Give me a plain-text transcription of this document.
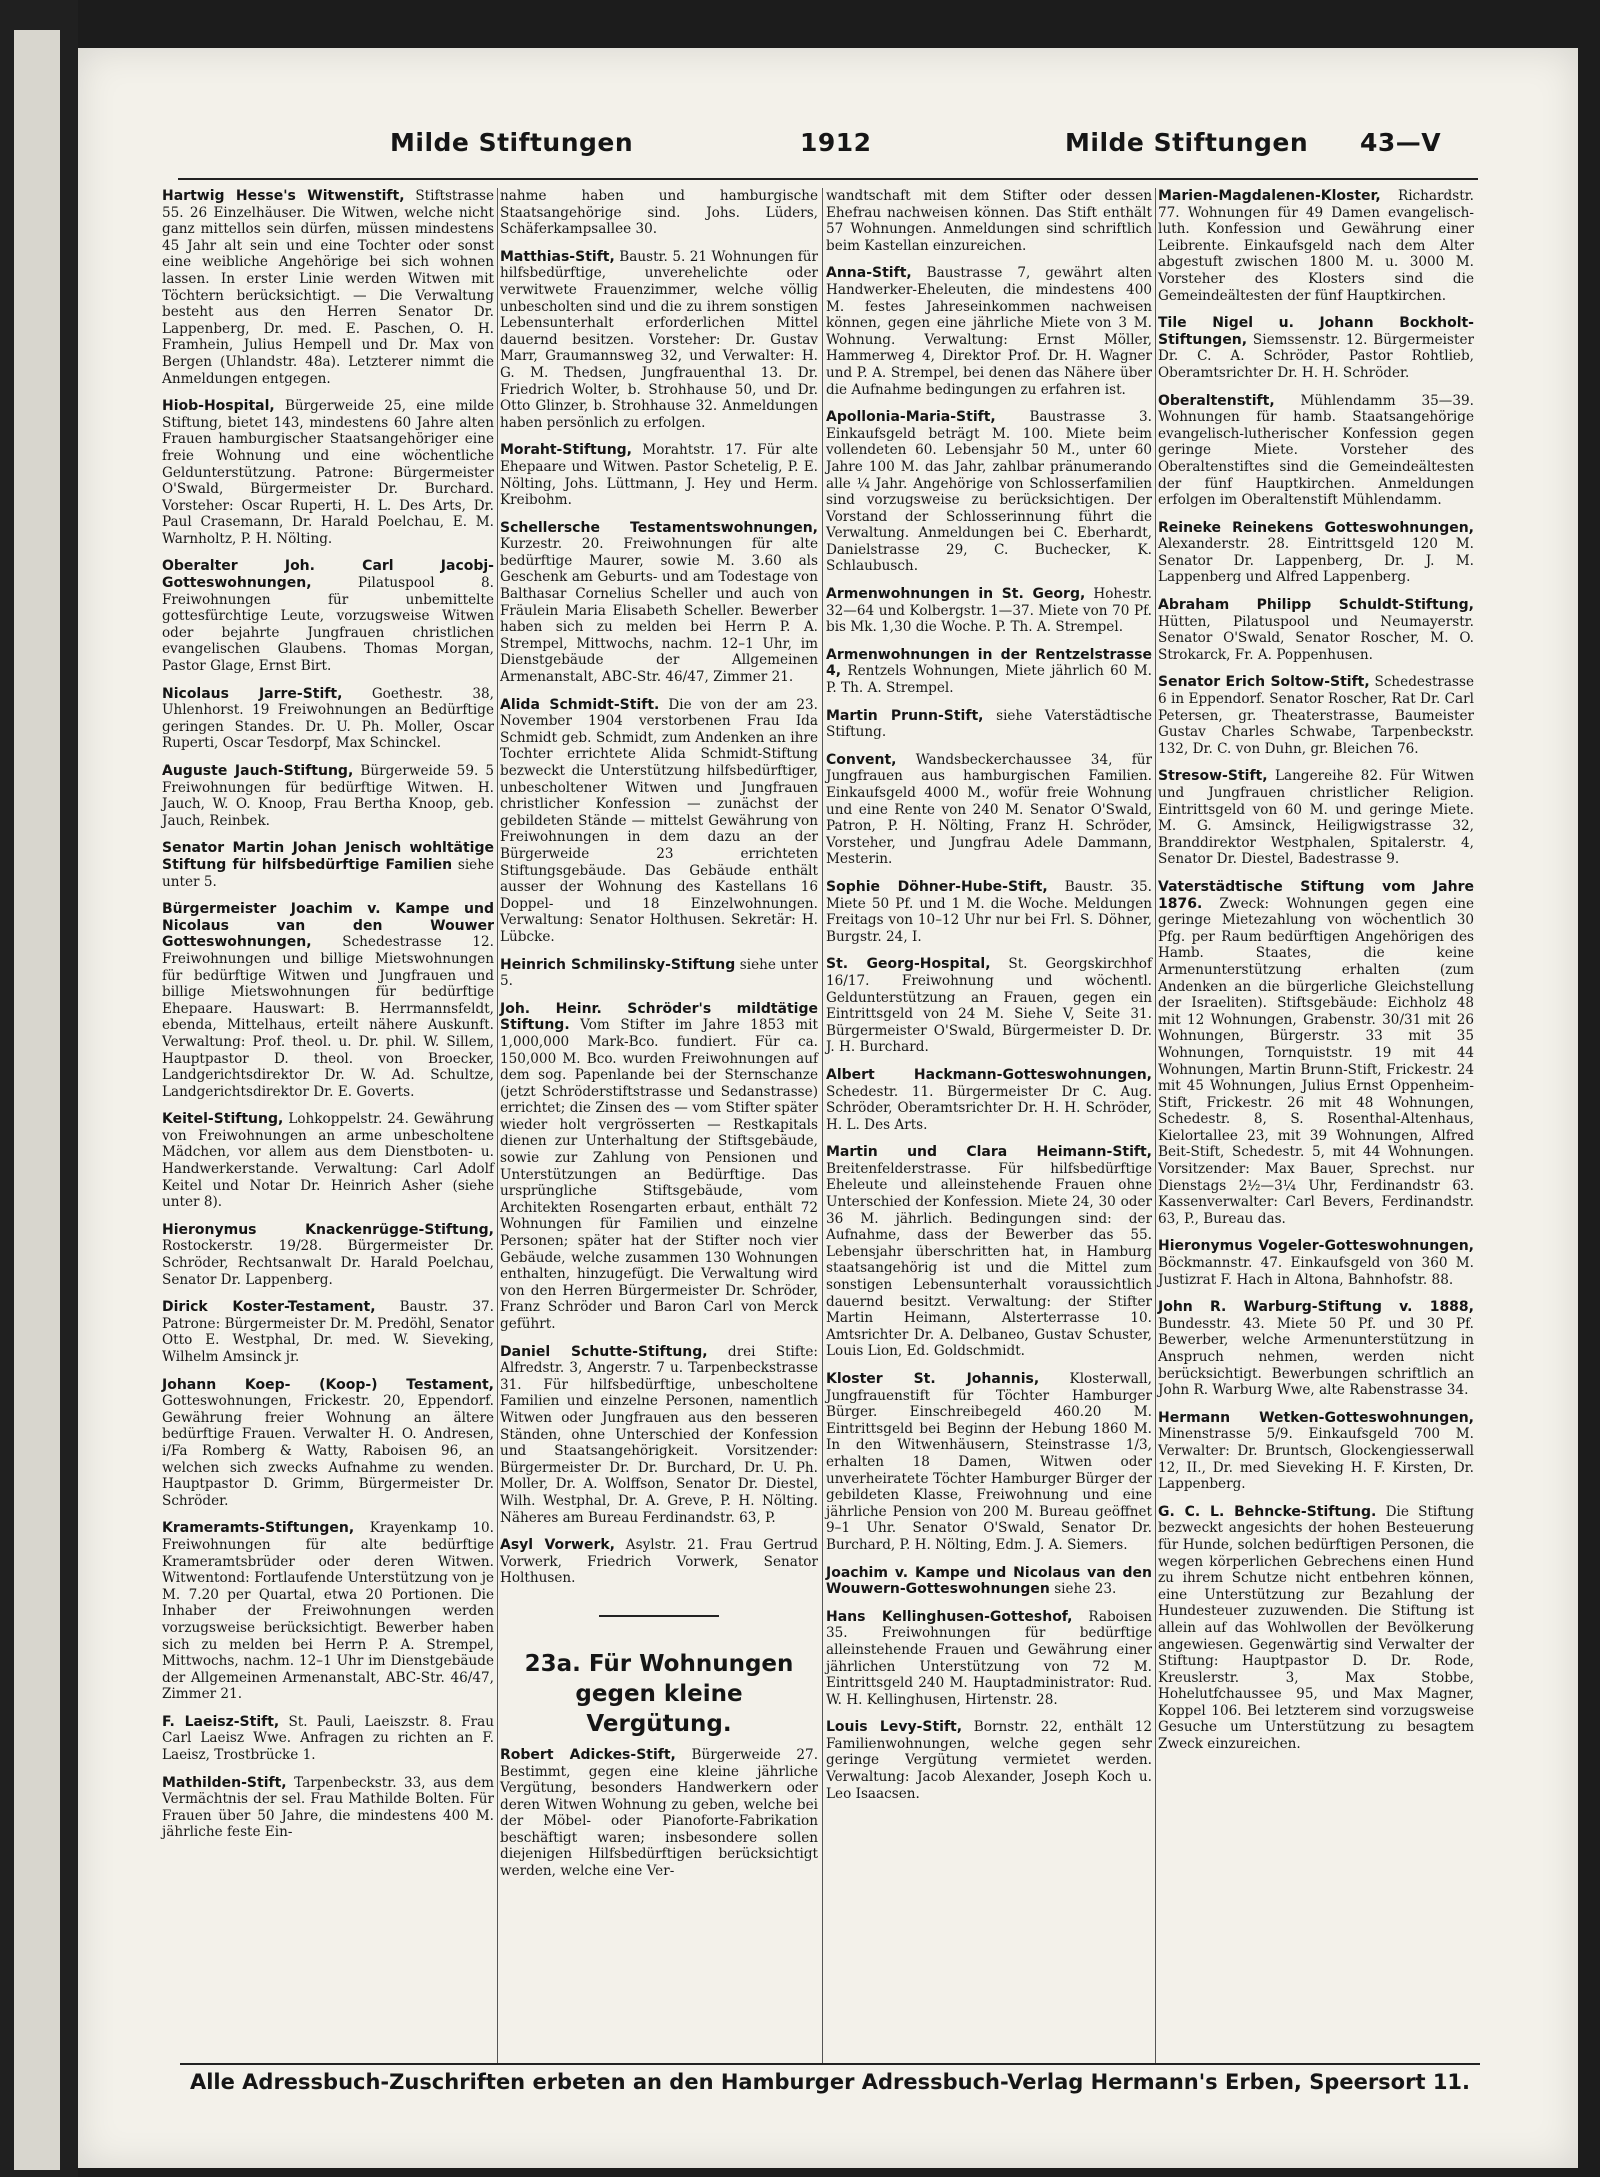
Milde Stiftungen	1912	Milde Stiftungen 43—V
Hartwig Hesse's Witwenstift, Stiftstrasse 55. 26 Einzelhäuser. Die Witwen, welche nicht ganz mittellos sein dürfen, müssen mindestens 45 Jahr alt sein und eine Tochter oder sonst eine weibliche Angehörige bei sich wohnen lassen. In erster Linie werden Witwen mit Töchtern berücksichtigt. — Die Verwaltung besteht aus den Herren Senator Dr. Lappenberg, Dr. med. E. Paschen, O. H. Framhein, Julius Hempell und Dr. Max von Bergen (Uhlandstr. 48a). Letzterer nimmt die Anmeldungen entgegen.
Hiob-Hospital, Bürgerweide 25, eine milde Stiftung, bietet 143, mindestens 60 Jahre alten Frauen hamburgischer Staatsangehöriger eine freie Wohnung und eine wöchentliche Geldunterstützung. Patrone: Bürgermeister O'Swald, Bürgermeister Dr. Burchard. Vorsteher: Oscar Ruperti, H. L. Des Arts, Dr. Paul Crasemann, Dr. Harald Poelchau, E. M. Warnholtz, P. H. Nölting.
Oberalter Joh. Carl Jacobj-Gotteswohnungen,	Pilatuspool 8. Freiwohnungen für unbemittelte gottesfürchtige Leute, vorzugsweise Witwen oder bejahrte Jungfrauen christlichen evangelischen Glaubens. Thomas Morgan, Pastor Glage, Ernst Birt.
Nicolaus Jarre-Stift, Goethestr. 38, Uhlenhorst. 19 Freiwohnungen an Bedürftige geringen Standes. Dr. U. Ph. Moller, Oscar Ruperti, Oscar Tesdorpf, Max Schinckel.
Auguste Jauch-Stiftung, Bürgerweide 59. 5 Freiwohnungen für bedürftige Witwen. H. Jauch, W. O. Knoop, Frau Bertha Knoop, geb. Jauch, Reinbek.
Senator Martin Johan Jenisch wohltätige Stiftung für hilfsbedürftige Familien siehe unter 5.
Bürgermeister Joachim v. Kampe und Nicolaus van den Wouwer Gotteswohnungen, Schedestrasse 12. Freiwohnungen und billige Mietswohnungen für bedürftige Witwen und Jungfrauen und billige Mietswohnungen für bedürftige Ehepaare. Hauswart: B. Herrmannsfeldt, ebenda, Mittelhaus, erteilt nähere Auskunft. Verwaltung: Prof. theol. u. Dr. phil. W. Sillem, Hauptpastor D. theol. von Broecker, Landgerichtsdirektor Dr. W. Ad. Schultze, Landgerichtsdirektor Dr. E. Goverts.
Keitel-Stiftung, Lohkoppelstr. 24. Gewährung von Freiwohnungen an arme unbescholtene Mädchen, vor allem aus dem Dienstboten- u. Handwerkerstande. Verwaltung: Carl Adolf Keitel und Notar Dr. Heinrich Asher (siehe unter 8).
Hieronymus Knackenrügge-Stiftung, Rostockerstr. 19/28. Bürgermeister Dr. Schröder, Rechtsanwalt Dr. Harald Poelchau, Senator Dr. Lappenberg.
Dirick Koster-Testament, Baustr. 37. Patrone: Bürgermeister Dr. M. Predöhl, Senator Otto E. Westphal, Dr. med. W. Sieveking, Wilhelm Amsinck jr.
Johann Koep- (Koop-) Testament, Gotteswohnungen, Frickestr. 20, Eppendorf. Gewährung freier Wohnung an ältere bedürftige Frauen. Verwalter H. O. Andresen, i/Fa Romberg & Watty, Raboisen 96, an welchen sich zwecks Aufnahme zu wenden. Hauptpastor D. Grimm, Bürgermeister Dr. Schröder.
Krameramts-Stiftungen, Krayenkamp 10. Freiwohnungen für alte bedürftige Krameramtsbrüder oder deren Witwen. Witwentond: Fortlaufende Unterstützung von je M. 7.20 per Quartal, etwa 20 Portionen. Die Inhaber der Freiwohnungen werden vorzugsweise berücksichtigt. Bewerber haben sich zu melden bei Herrn P. A. Strempel, Mittwochs, nachm. 12–1 Uhr im Dienstgebäude der Allgemeinen Armenanstalt, ABC-Str. 46/47, Zimmer 21.
F. Laeisz-Stift, St. Pauli, Laeiszstr. 8. Frau Carl Laeisz Wwe. Anfragen zu richten an F. Laeisz, Trostbrücke 1.
Mathilden-Stift, Tarpenbeckstr. 33, aus dem Vermächtnis der sel. Frau Mathilde Bolten. Für Frauen über 50 Jahre, die mindestens 400 M. jährliche feste Ein-
nahme haben und hamburgische Staatsangehörige sind. Johs. Lüders, Schäferkampsallee 30.
Matthias-Stift, Baustr. 5. 21 Wohnungen für hilfsbedürftige, unverehelichte oder verwitwete Frauenzimmer, welche völlig unbescholten sind und die zu ihrem sonstigen Lebensunterhalt erforderlichen Mittel dauernd besitzen. Vorsteher: Dr. Gustav Marr, Graumannsweg 32, und Verwalter: H. G. M. Thedsen, Jungfrauenthal 13. Dr. Friedrich Wolter, b. Strohhause 50, und Dr. Otto Glinzer, b. Strohhause 32. Anmeldungen haben persönlich zu erfolgen.
Moraht-Stiftung, Morahtstr. 17. Für alte Ehepaare und Witwen. Pastor Schetelig, P. E. Nölting, Johs. Lüttmann, J. Hey und Herm. Kreibohm.
Schellersche Testamentswohnungen, Kurzestr. 20. Freiwohnungen für alte bedürftige Maurer, sowie M. 3.60 als Geschenk am Geburts- und am Todestage von Balthasar Cornelius Scheller und auch von Fräulein Maria Elisabeth Scheller. Bewerber haben sich zu melden bei Herrn P. A. Strempel, Mittwochs, nachm. 12–1 Uhr, im Dienstgebäude der Allgemeinen Armenanstalt, ABC-Str. 46/47, Zimmer 21.
Alida Schmidt-Stift. Die von der am 23. November 1904 verstorbenen Frau Ida Schmidt geb. Schmidt, zum Andenken an ihre Tochter errichtete Alida Schmidt-Stiftung bezweckt die Unterstützung hilfsbedürftiger, unbescholtener Witwen und Jungfrauen christlicher Konfession — zunächst der gebildeten Stände — mittelst Gewährung von Freiwohnungen in dem dazu an der Bürgerweide 23 errichteten Stiftungsgebäude. Das Gebäude enthält ausser der Wohnung des Kastellans 16 Doppel- und 18 Einzelwohnungen. Verwaltung: Senator Holthusen. Sekretär: H. Lübcke.
Heinrich Schmilinsky-Stiftung siehe unter 5.
Joh. Heinr. Schröder's mildtätige Stiftung. Vom Stifter im Jahre 1853 mit 1,000,000 Mark-Bco. fundiert. Für ca. 150,000 M. Bco. wurden Freiwohnungen auf dem sog. Papenlande bei der Sternschanze (jetzt Schröderstiftstrasse und Sedanstrasse) errichtet; die Zinsen des — vom Stifter später wieder holt vergrösserten — Restkapitals dienen zur Unterhaltung der Stiftsgebäude, sowie zur Zahlung von Pensionen und Unterstützungen an Bedürftige. Das ursprüngliche Stiftsgebäude, vom Architekten Rosengarten erbaut, enthält 72 Wohnungen für Familien und einzelne Personen; später hat der Stifter noch vier Gebäude, welche zusammen 130 Wohnungen enthalten, hinzugefügt. Die Verwaltung wird von den Herren Bürgermeister Dr. Schröder, Franz Schröder und Baron Carl von Merck geführt.
Daniel Schutte-Stiftung, drei Stifte: Alfredstr. 3, Angerstr. 7 u. Tarpenbeckstrasse 31. Für hilfsbedürftige, unbescholtene Familien und einzelne Personen, namentlich Witwen oder Jungfrauen aus den besseren Ständen, ohne Unterschied der Konfession und Staatsangehörigkeit. Vorsitzender: Bürgermeister Dr. Dr. Burchard, Dr. U. Ph. Moller, Dr. A. Wolffson, Senator Dr. Diestel, Wilh. Westphal, Dr. A. Greve, P. H. Nölting. Näheres am Bureau Ferdinandstr. 63, P.
Asyl Vorwerk, Asylstr. 21. Frau Gertrud Vorwerk, Friedrich Vorwerk, Senator Holthusen.
23a. Für Wohnungen gegen kleine Vergütung.
Robert Adickes-Stift, Bürgerweide 27. Bestimmt, gegen eine kleine jährliche Vergütung, besonders Handwerkern oder deren Witwen Wohnung zu geben, welche bei der Möbel- oder Pianoforte-Fabrikation beschäftigt waren; insbesondere sollen diejenigen Hilfsbedürftigen berücksichtigt werden, welche eine Ver-
wandtschaft mit dem Stifter oder dessen Ehefrau nachweisen können. Das Stift enthält 57 Wohnungen. Anmeldungen sind schriftlich beim Kastellan einzureichen.
Anna-Stift, Baustrasse 7, gewährt alten Handwerker-Eheleuten, die mindestens 400 M. festes Jahreseinkommen nachweisen können, gegen eine jährliche Miete von 3 M. Wohnung. Verwaltung: Ernst Möller, Hammerweg 4, Direktor Prof. Dr. H. Wagner und P. A. Strempel, bei denen das Nähere über die Aufnahme bedingungen zu erfahren ist.
Apollonia-Maria-Stift, Baustrasse 3. Einkaufsgeld beträgt M. 100. Miete beim vollendeten 60. Lebensjahr 50 M., unter 60 Jahre 100 M. das Jahr, zahlbar pränumerando alle ¼ Jahr. Angehörige von Schlosserfamilien sind vorzugsweise zu berücksichtigen. Der Vorstand der Schlosserinnung führt die Verwaltung. Anmeldungen bei C. Eberhardt, Danielstrasse 29, C. Buchecker, K. Schlaubusch.
Armenwohnungen in St. Georg, Hohestr. 32—64 und Kolbergstr. 1—37. Miete von 70 Pf. bis Mk. 1,30 die Woche. P. Th. A. Strempel.
Armenwohnungen in der Rentzelstrasse 4, Rentzels Wohnungen, Miete jährlich 60 M. P. Th. A. Strempel.
Martin Prunn-Stift, siehe Vaterstädtische Stiftung.
Convent, Wandsbeckerchaussee 34, für Jungfrauen aus hamburgischen Familien. Einkaufsgeld 4000 M., wofür freie Wohnung und eine Rente von 240 M. Senator O'Swald, Patron, P. H. Nölting, Franz H. Schröder, Vorsteher, und Jungfrau Adele Dammann, Mesterin.
Sophie Döhner-Hube-Stift, Baustr. 35. Miete 50 Pf. und 1 M. die Woche. Meldungen Freitags von 10–12 Uhr nur bei Frl. S. Döhner, Burgstr. 24, I.
St. Georg-Hospital, St. Georgskirchhof 16/17. Freiwohnung und wöchentl. Geldunterstützung an Frauen, gegen ein Eintrittsgeld von 24 M. Siehe V, Seite 31. Bürgermeister O'Swald, Bürgermeister D. Dr. J. H. Burchard.
Albert Hackmann-Gotteswohnungen, Schedestr. 11. Bürgermeister Dr C. Aug. Schröder, Oberamtsrichter Dr. H. H. Schröder, H. L. Des Arts.
Martin und Clara Heimann-Stift, Breitenfelderstrasse. Für hilfsbedürftige Eheleute und alleinstehende Frauen ohne Unterschied der Konfession. Miete 24, 30 oder 36 M. jährlich. Bedingungen sind: der Aufnahme, dass der Bewerber das 55. Lebensjahr überschritten hat, in Hamburg staatsangehörig ist und die Mittel zum sonstigen Lebensunterhalt voraussichtlich dauernd besitzt. Verwaltung: der Stifter Martin Heimann, Alsterterrasse 10. Amtsrichter Dr. A. Delbaneo, Gustav Schuster, Louis Lion, Ed. Goldschmidt.
Kloster St. Johannis, Klosterwall, Jungfrauenstift für Töchter Hamburger Bürger. Einschreibegeld 460.20 M. Eintrittsgeld bei Beginn der Hebung 1860 M. In den Witwenhäusern, Steinstrasse 1/3, erhalten 18 Damen, Witwen oder unverheiratete Töchter Hamburger Bürger der gebildeten Klasse, Freiwohnung und eine jährliche Pension von 200 M. Bureau geöffnet 9–1 Uhr. Senator O'Swald, Senator Dr. Burchard, P. H. Nölting, Edm. J. A. Siemers.
Joachim v. Kampe und Nicolaus van den Wouwern-Gotteswohnungen siehe 23.
Hans Kellinghusen-Gotteshof, Raboisen 35. Freiwohnungen für bedürftige alleinstehende Frauen und Gewährung einer jährlichen Unterstützung von 72 M. Eintrittsgeld 240 M. Hauptadministrator: Rud. W. H. Kellinghusen, Hirtenstr. 28.
Louis Levy-Stift, Bornstr. 22, enthält 12 Familienwohnungen, welche gegen sehr geringe Vergütung vermietet werden. Verwaltung: Jacob Alexander, Joseph Koch u. Leo Isaacsen.
Marien-Magdalenen-Kloster, Richardstr. 77. Wohnungen für 49 Damen evangelisch-luth. Konfession und Gewährung einer Leibrente. Einkaufsgeld nach dem Alter abgestuft zwischen 1800 M. u. 3000 M. Vorsteher des Klosters sind die Gemeindeältesten der fünf Hauptkirchen.
Tile Nigel u. Johann Bockholt-Stiftungen, Siemssenstr. 12. Bürgermeister Dr. C. A. Schröder, Pastor Rohtlieb, Oberamtsrichter Dr. H. H. Schröder.
Oberaltenstift, Mühlendamm 35—39. Wohnungen für hamb. Staatsangehörige evangelisch-lutherischer Konfession gegen geringe Miete. Vorsteher des Oberaltenstiftes sind die Gemeindeältesten der fünf Hauptkirchen. Anmeldungen erfolgen im Oberaltenstift Mühlendamm.
Reineke Reinekens Gotteswohnungen, Alexanderstr. 28. Eintrittsgeld 120 M. Senator Dr. Lappenberg, Dr. J. M. Lappenberg und Alfred Lappenberg.
Abraham Philipp Schuldt-Stiftung, Hütten, Pilatuspool und Neumayerstr. Senator O'Swald, Senator Roscher, M. O. Strokarck, Fr. A. Poppenhusen.
Senator Erich Soltow-Stift, Schedestrasse 6 in Eppendorf. Senator Roscher, Rat Dr. Carl Petersen, gr. Theaterstrasse, Baumeister Gustav Charles Schwabe, Tarpenbeckstr. 132, Dr. C. von Duhn, gr. Bleichen 76.
Stresow-Stift, Langereihe 82. Für Witwen und Jungfrauen christlicher Religion. Eintrittsgeld von 60 M. und geringe Miete. M. G. Amsinck, Heiligwigstrasse 32, Branddirektor Westphalen, Spitalerstr. 4, Senator Dr. Diestel, Badestrasse 9.
Vaterstädtische Stiftung vom Jahre 1876. Zweck: Wohnungen gegen eine geringe Mietezahlung von wöchentlich 30 Pfg. per Raum bedürftigen Angehörigen des Hamb. Staates, die keine Armenunterstützung erhalten (zum Andenken an die bürgerliche Gleichstellung der Israeliten). Stiftsgebäude: Eichholz 48 mit 12 Wohnungen, Grabenstr. 30/31 mit 26 Wohnungen, Bürgerstr. 33 mit 35 Wohnungen, Tornquiststr. 19 mit 44 Wohnungen, Martin Brunn-Stift, Frickestr. 24 mit 45 Wohnungen, Julius Ernst Oppenheim-Stift, Frickestr. 26 mit 48 Wohnungen, Schedestr. 8, S. Rosenthal-Altenhaus, Kielortallee 23, mit 39 Wohnungen, Alfred Beit-Stift, Schedestr. 5, mit 44 Wohnungen. Vorsitzender: Max Bauer, Sprechst. nur Dienstags 2½—3¼ Uhr, Ferdinandstr 63. Kassenverwalter: Carl Bevers, Ferdinandstr. 63, P., Bureau das.
Hieronymus Vogeler-Gotteswohnungen, Böckmannstr. 47. Einkaufsgeld von 360 M. Justizrat F. Hach in Altona, Bahnhofstr. 88.
John R. Warburg-Stiftung v. 1888, Bundesstr. 43. Miete 50 Pf. und 30 Pf. Bewerber, welche Armenunterstützung in Anspruch nehmen, werden nicht berücksichtigt. Bewerbungen schriftlich an John R. Warburg Wwe, alte Rabenstrasse 34.
Hermann Wetken-Gotteswohnungen, Minenstrasse 5/9. Einkaufsgeld 700 M. Verwalter: Dr. Bruntsch, Glockengiesserwall 12, II., Dr. med Sieveking H. F. Kirsten, Dr. Lappenberg.
G. C. L. Behncke-Stiftung. Die Stiftung bezweckt angesichts der hohen Besteuerung für Hunde, solchen bedürftigen Personen, die wegen körperlichen Gebrechens einen Hund zu ihrem Schutze nicht entbehren können, eine Unterstützung zur Bezahlung der Hundesteuer zuzuwenden. Die Stiftung ist allein auf das Wohlwollen der Bevölkerung angewiesen. Gegenwärtig sind Verwalter der Stiftung: Hauptpastor D. Dr. Rode, Kreuslerstr. 3, Max Stobbe, Hohelutfchaussee 95, und Max Magner, Koppel 106. Bei letzterem sind vorzugsweise Gesuche um Unterstützung zu besagtem Zweck einzureichen.
Alle Adressbuch-Zuschriften erbeten an den Hamburger Adressbuch-Verlag Hermann's Erben, Speersort 11.
